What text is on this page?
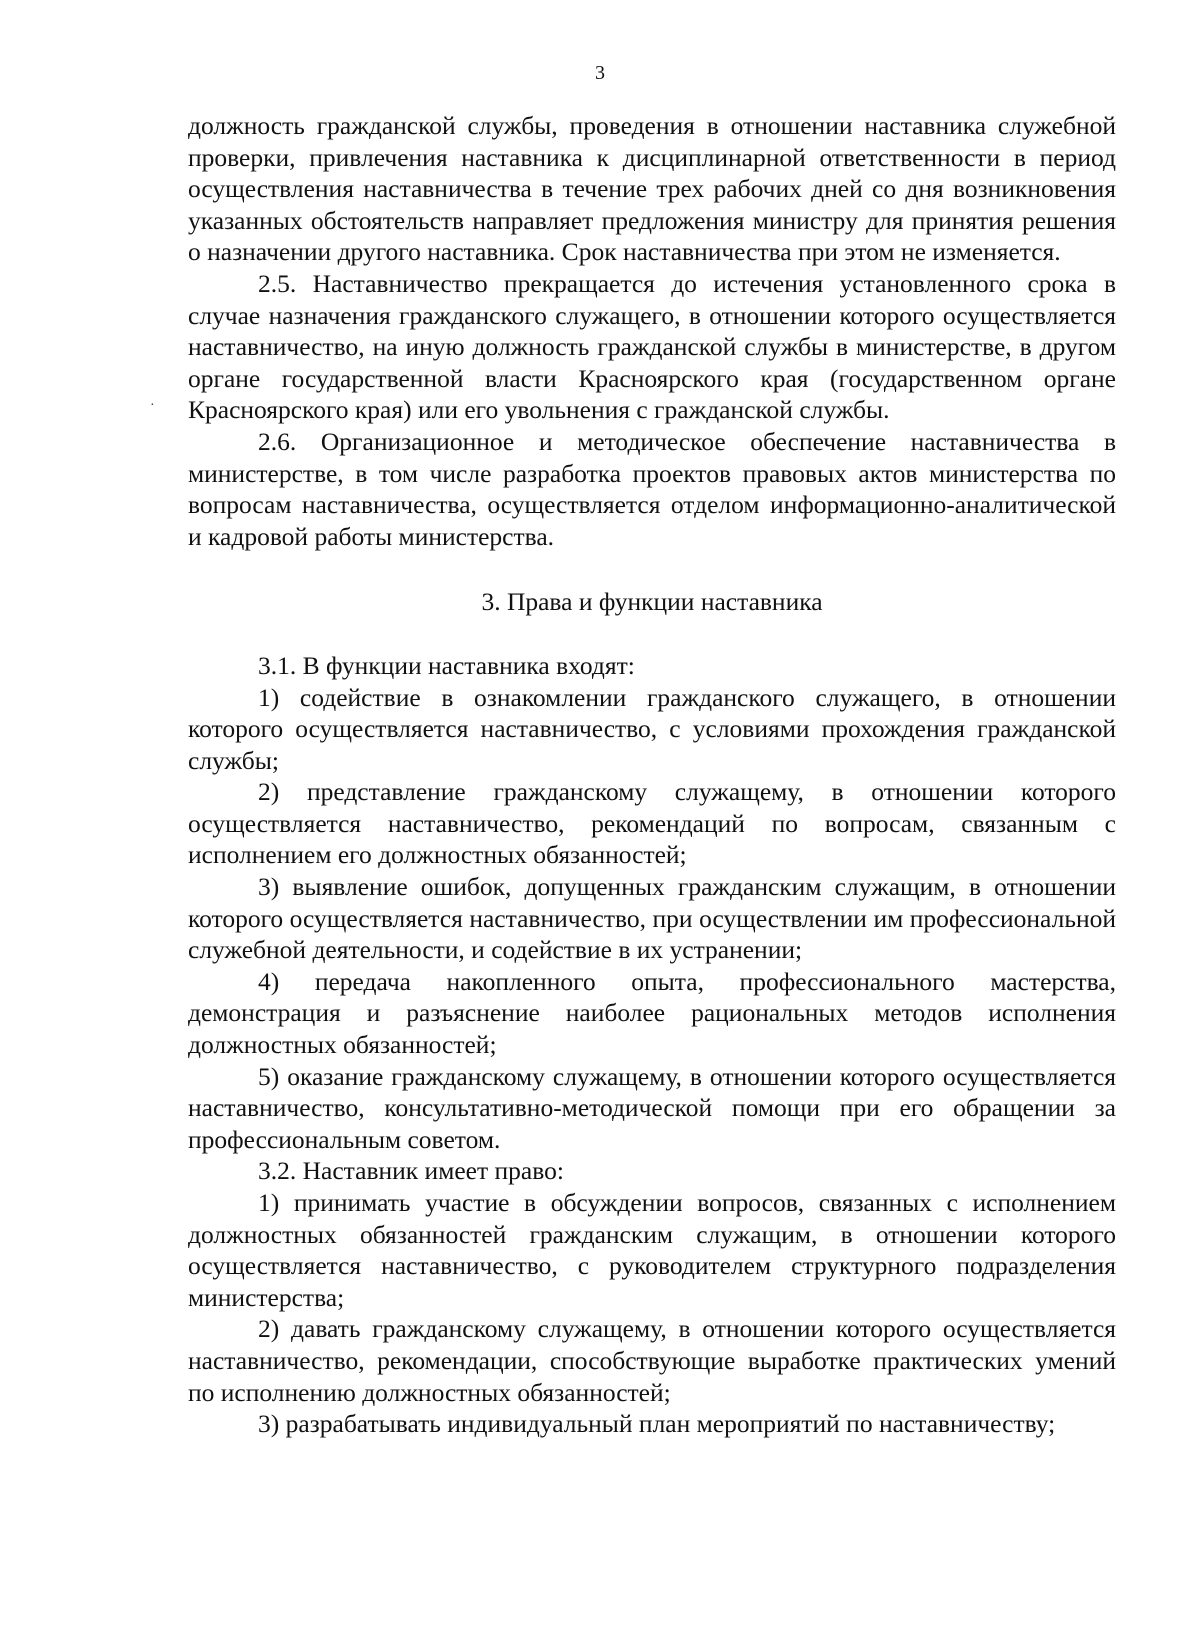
3

должность гражданской службы, проведения в отношении наставника служебной проверки, привлечения наставника к дисциплинарной ответственности в период осуществления наставничества в течение трех рабочих дней со дня возникновения указанных обстоятельств направляет предложения министру для принятия решения о назначении другого наставника. Срок наставничества при этом не изменяется.

2.5. Наставничество прекращается до истечения установленного срока в случае назначения гражданского служащего, в отношении которого осуществляется наставничество, на иную должность гражданской службы в министерстве, в другом органе государственной власти Красноярского края (государственном органе Красноярского края) или его увольнения с гражданской службы.

2.6. Организационное и методическое обеспечение наставничества в министерстве, в том числе разработка проектов правовых актов министерства по вопросам наставничества, осуществляется отделом информационно-аналитической и кадровой работы министерства.

3. Права и функции наставника

3.1. В функции наставника входят:

1) содействие в ознакомлении гражданского служащего, в отношении которого осуществляется наставничество, с условиями прохождения гражданской службы;

2) представление гражданскому служащему, в отношении которого осуществляется наставничество, рекомендаций по вопросам, связанным с исполнением его должностных обязанностей;

3) выявление ошибок, допущенных гражданским служащим, в отношении которого осуществляется наставничество, при осуществлении им профессиональной служебной деятельности, и содействие в их устранении;

4) передача накопленного опыта, профессионального мастерства, демонстрация и разъяснение наиболее рациональных методов исполнения должностных обязанностей;

5) оказание гражданскому служащему, в отношении которого осуществляется наставничество, консультативно-методической помощи при его обращении за профессиональным советом.

3.2. Наставник имеет право:

1) принимать участие в обсуждении вопросов, связанных с исполнением должностных обязанностей гражданским служащим, в отношении которого осуществляется наставничество, с руководителем структурного подразделения министерства;

2) давать гражданскому служащему, в отношении которого осуществляется наставничество, рекомендации, способствующие выработке практических умений по исполнению должностных обязанностей;

3) разрабатывать индивидуальный план мероприятий по наставничеству;

·
